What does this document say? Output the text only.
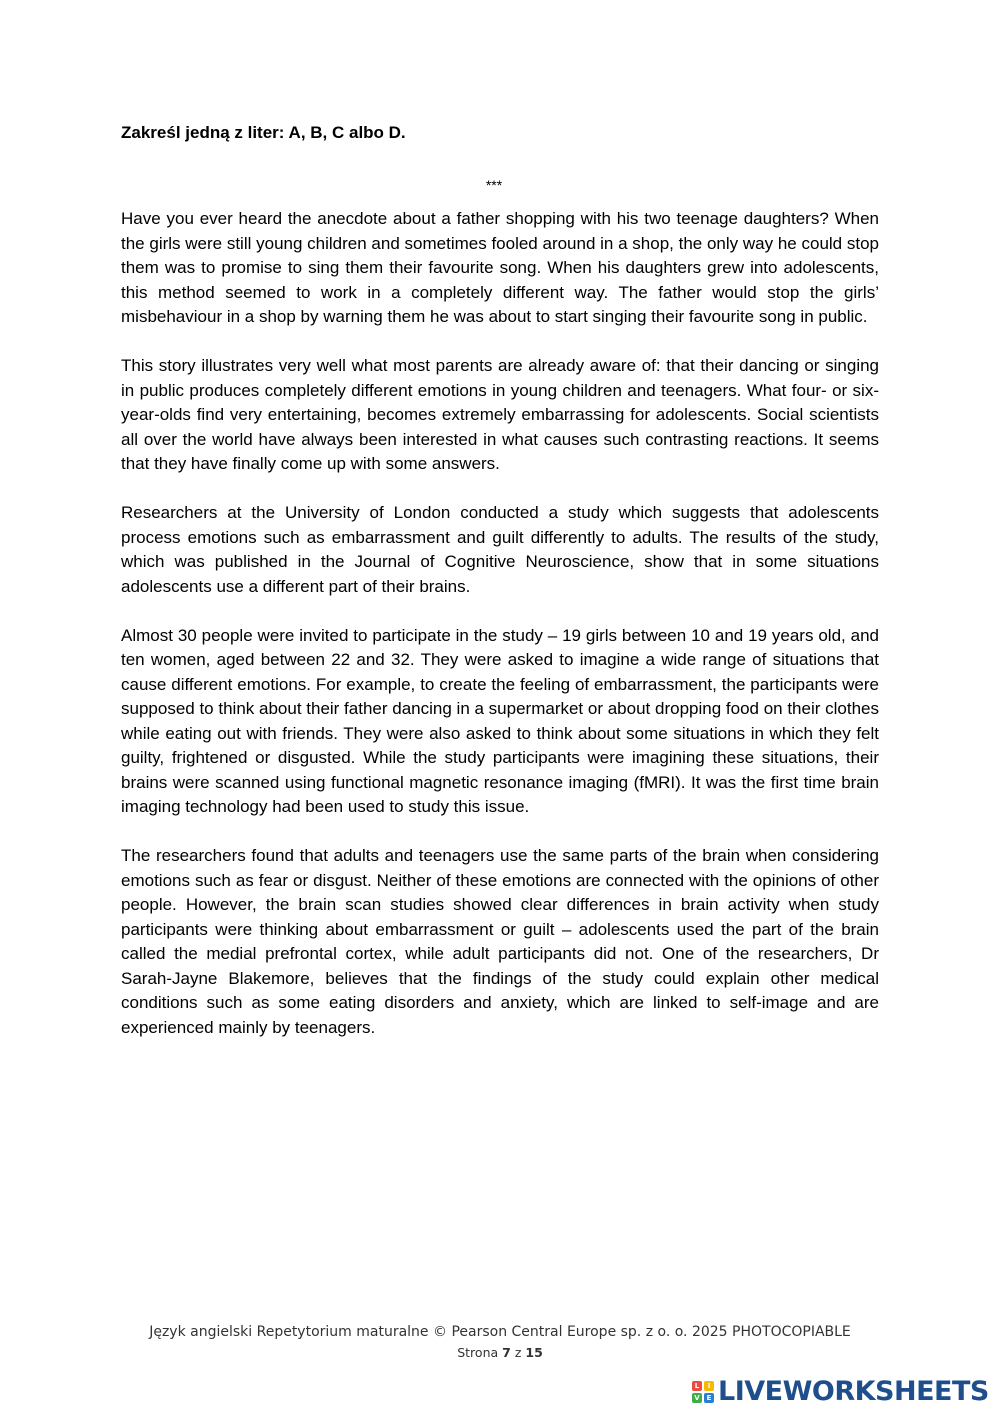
Zakreśl jedną z liter: A, B, C albo D.
***

Have you ever heard the anecdote about a father shopping with his two teenage daughters? When the girls were still young children and sometimes fooled around in a shop, the only way he could stop them was to promise to sing them their favourite song. When his daughters grew into adolescents, this method seemed to work in a completely different way. The father would stop the girls’ misbehaviour in a shop by warning them he was about to start singing their favourite song in public.

This story illustrates very well what most parents are already aware of: that their dancing or singing in public produces completely different emotions in young children and teenagers. What four- or six-year-olds find very entertaining, becomes extremely embarrassing for adolescents. Social scientists all over the world have always been interested in what causes such contrasting reactions. It seems that they have finally come up with some answers.

Researchers at the University of London conducted a study which suggests that adolescents process emotions such as embarrassment and guilt differently to adults. The results of the study, which was published in the Journal of Cognitive Neuroscience, show that in some situations adolescents use a different part of their brains.

Almost 30 people were invited to participate in the study – 19 girls between 10 and 19 years old, and ten women, aged between 22 and 32. They were asked to imagine a wide range of situations that cause different emotions. For example, to create the feeling of embarrassment, the participants were supposed to think about their father dancing in a supermarket or about dropping food on their clothes while eating out with friends. They were also asked to think about some situations in which they felt guilty, frightened or disgusted. While the study participants were imagining these situations, their brains were scanned using functional magnetic resonance imaging (fMRI). It was the first time brain imaging technology had been used to study this issue.

The researchers found that adults and teenagers use the same parts of the brain when considering emotions such as fear or disgust. Neither of these emotions are connected with the opinions of other people. However, the brain scan studies showed clear differences in brain activity when study participants were thinking about embarrassment or guilt – adolescents used the part of the brain called the medial prefrontal cortex, while adult participants did not. One of the researchers, Dr Sarah-Jayne Blakemore, believes that the findings of the study could explain other medical conditions such as some eating disorders and anxiety, which are linked to self-image and are experienced mainly by teenagers.

Język angielski Repetytorium maturalne © Pearson Central Europe sp. z o. o. 2025 PHOTOCOPIABLE
Strona 7 z 15
L	I
V E LIVEWORKSHEETS
